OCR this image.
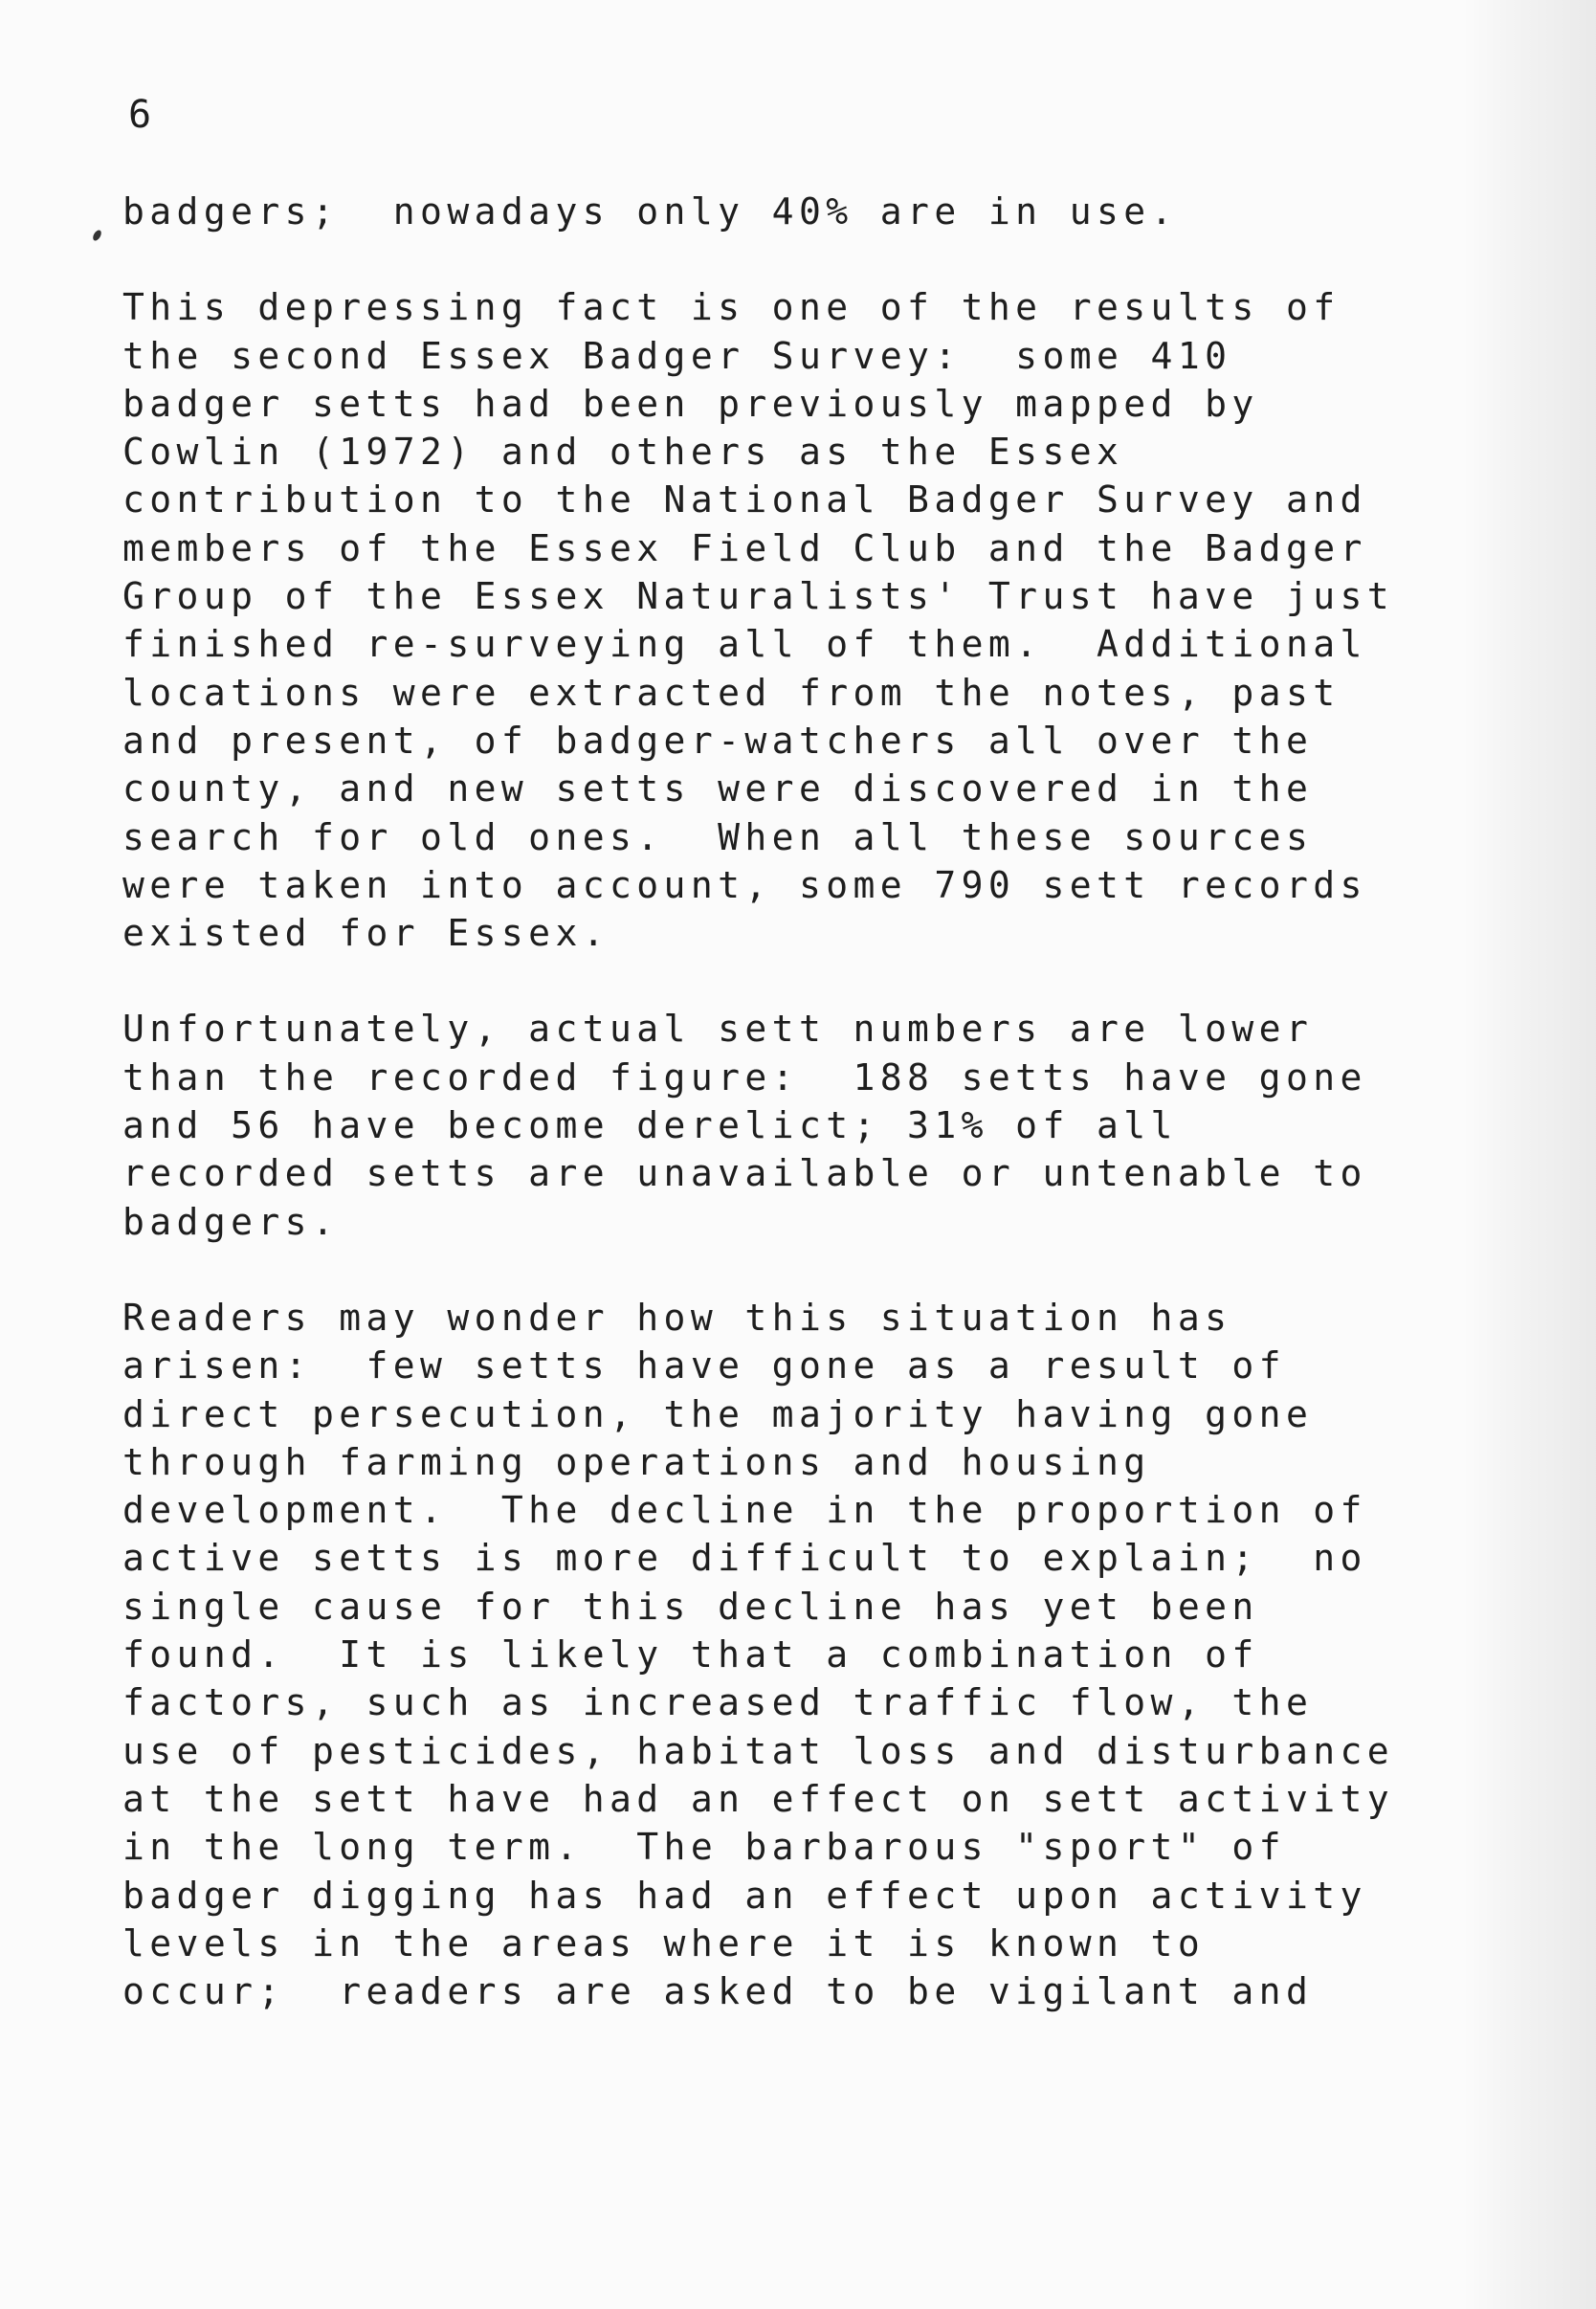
6

badgers;  nowadays only 40% are in use.
This depressing fact is one of the results of
the second Essex Badger Survey:  some 410
badger setts had been previously mapped by
Cowlin (1972) and others as the Essex
contribution to the National Badger Survey and
members of the Essex Field Club and the Badger
Group of the Essex Naturalists' Trust have just
finished re-surveying all of them.  Additional
locations were extracted from the notes, past
and present, of badger-watchers all over the
county, and new setts were discovered in the
search for old ones.  When all these sources
were taken into account, some 790 sett records
existed for Essex.
Unfortunately, actual sett numbers are lower
than the recorded figure:  188 setts have gone
and 56 have become derelict; 31% of all
recorded setts are unavailable or untenable to
badgers.
Readers may wonder how this situation has
arisen:  few setts have gone as a result of
direct persecution, the majority having gone
through farming operations and housing
development.  The decline in the proportion of
active setts is more difficult to explain;  no
single cause for this decline has yet been
found.  It is likely that a combination of
factors, such as increased traffic flow, the
use of pesticides, habitat loss and disturbance
at the sett have had an effect on sett activity
in the long term.  The barbarous "sport" of
badger digging has had an effect upon activity
levels in the areas where it is known to
occur;  readers are asked to be vigilant and
